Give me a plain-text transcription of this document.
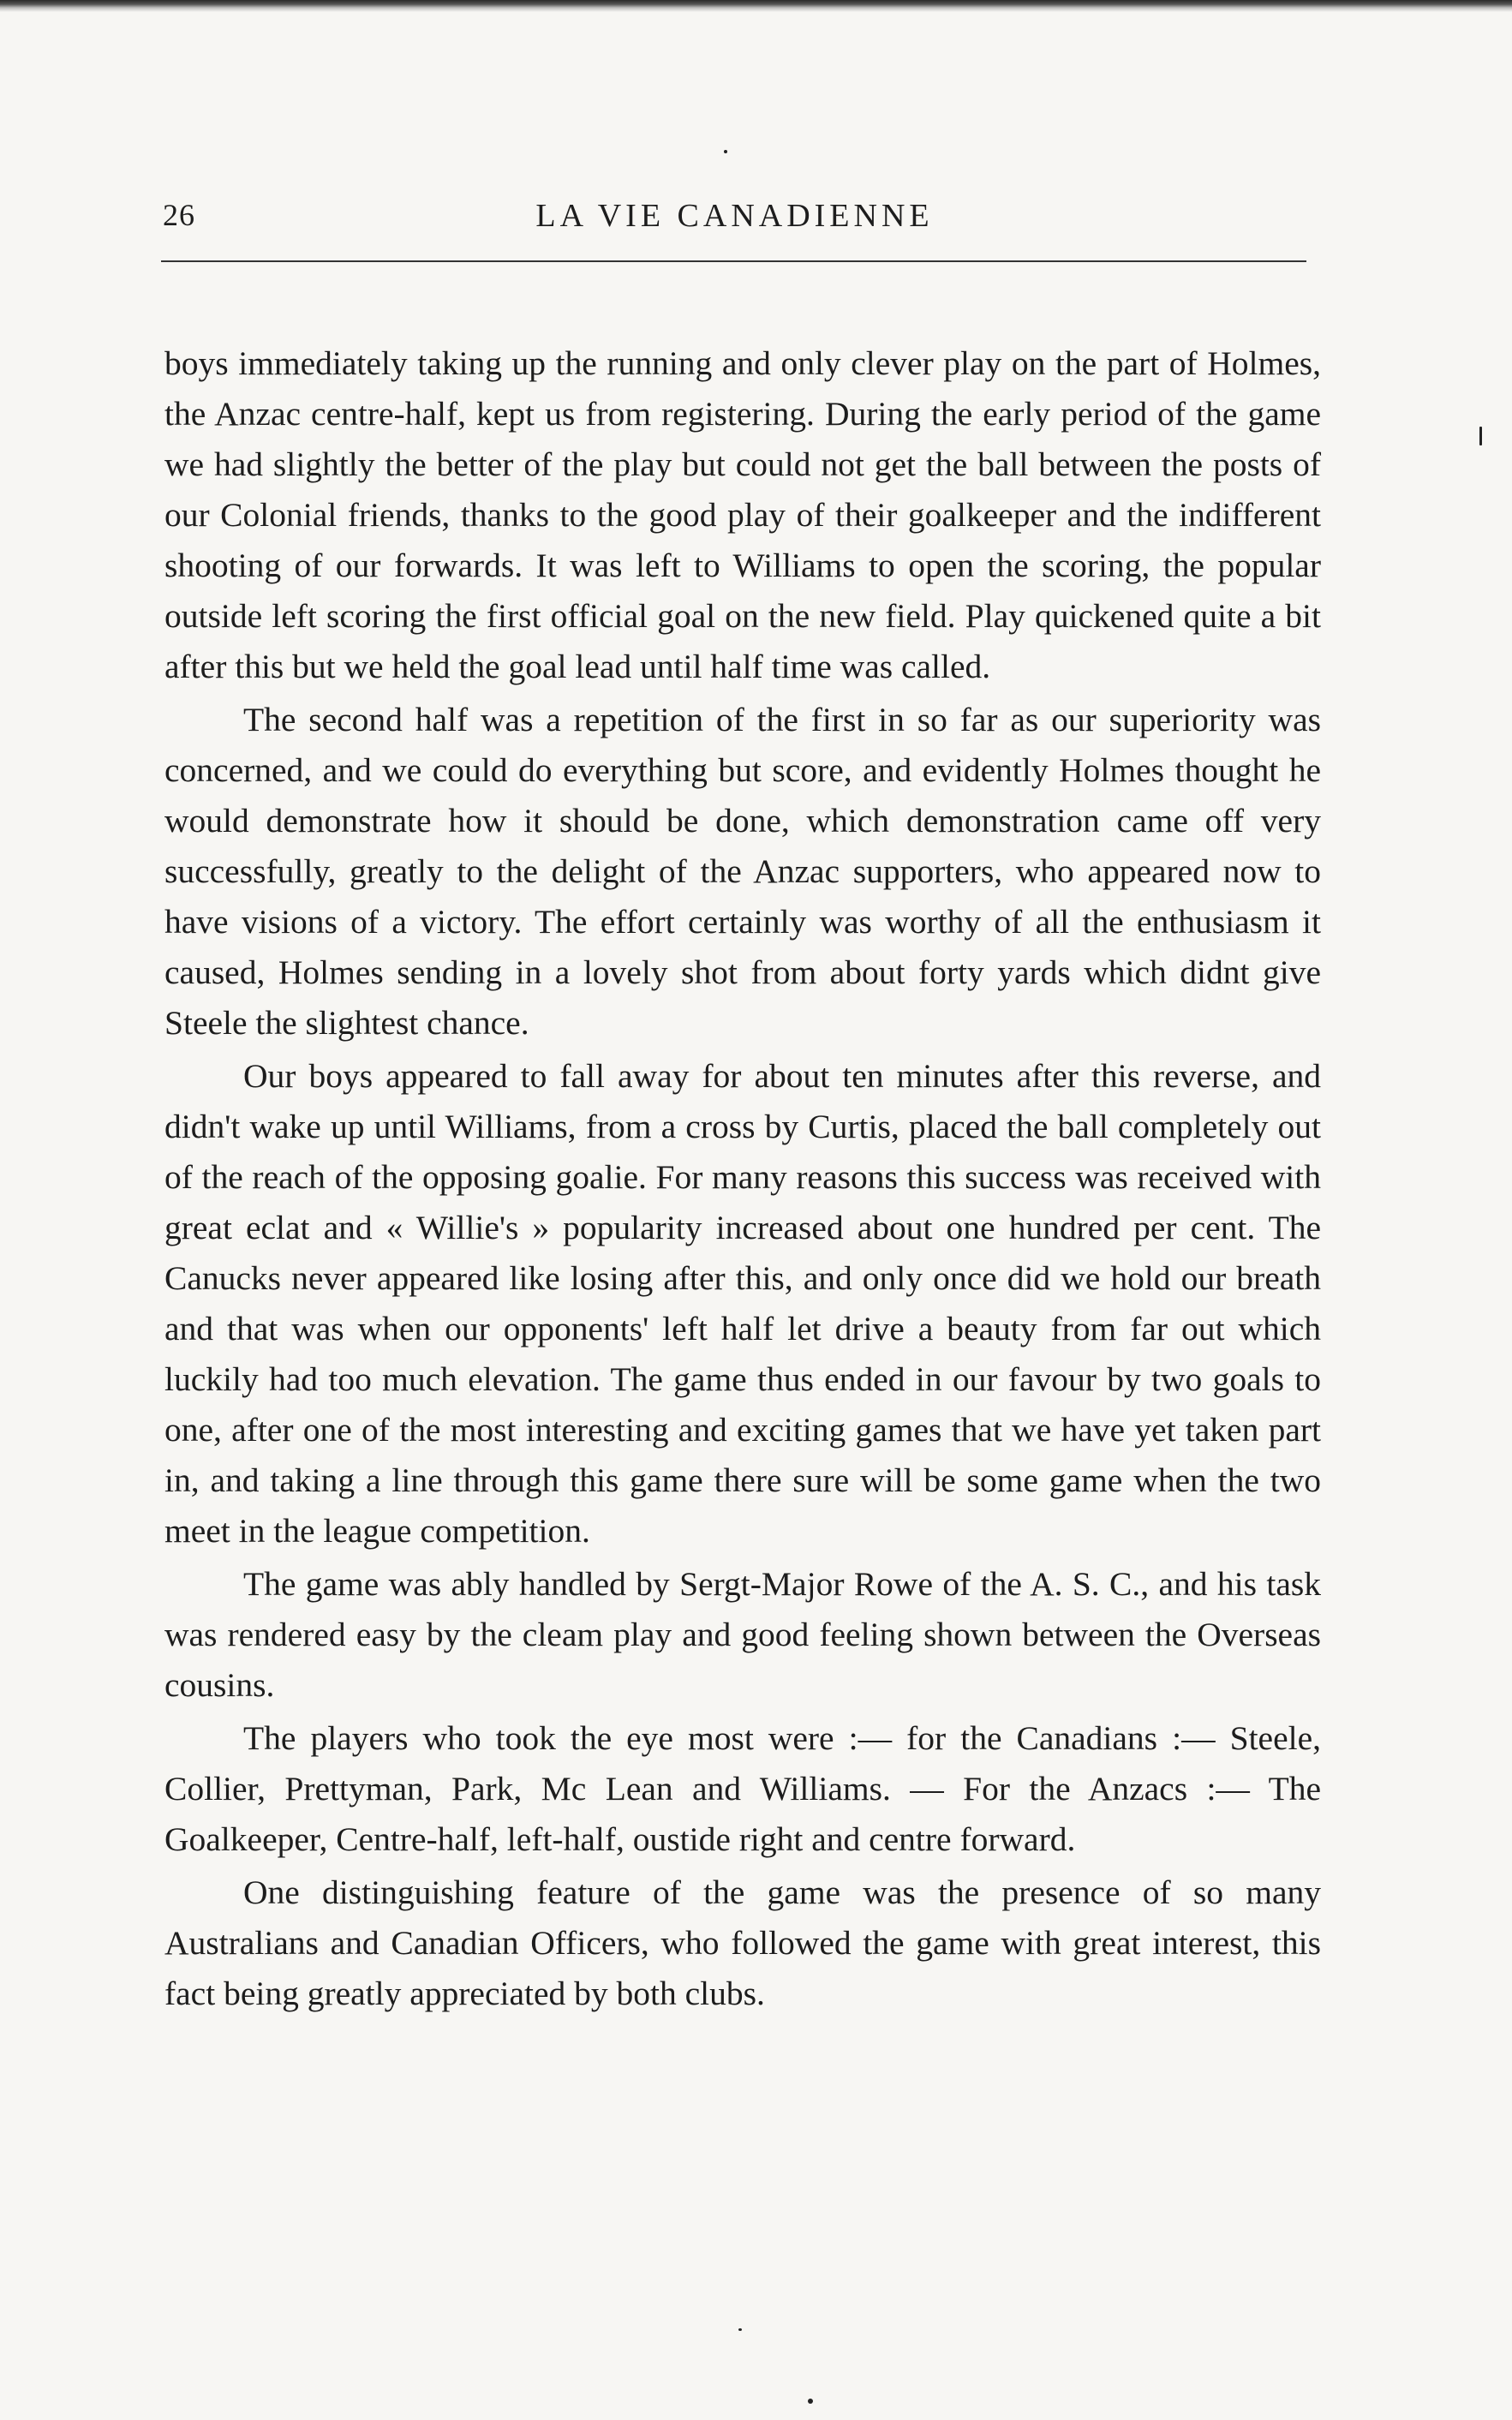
26	LA VIE CANADIENNE

boys immediately taking up the running and only clever play on the part of Holmes, the Anzac centre-half, kept us from registering. During the early period of the game we had slightly the better of the play but could not get the ball between the posts of our Colonial friends, thanks to the good play of their goalkeeper and the indifferent shooting of our forwards. It was left to Williams to open the scoring, the popular outside left scoring the first official goal on the new field. Play quickened quite a bit after this but we held the goal lead until half time was called.

The second half was a repetition of the first in so far as our superiority was concerned, and we could do everything but score, and evidently Holmes thought he would demonstrate how it should be done, which demonstration came off very successfully, greatly to the delight of the Anzac supporters, who appeared now to have visions of a victory. The effort certainly was worthy of all the enthusiasm it caused, Holmes sending in a lovely shot from about forty yards which didnt give Steele the slightest chance.

Our boys appeared to fall away for about ten minutes after this reverse, and didn't wake up until Williams, from a cross by Curtis, placed the ball completely out of the reach of the opposing goalie. For many reasons this success was received with great eclat and « Willie's » popularity increased about one hundred per cent. The Canucks never appeared like losing after this, and only once did we hold our breath and that was when our opponents' left half let drive a beauty from far out which luckily had too much elevation. The game thus ended in our favour by two goals to one, after one of the most interesting and exciting games that we have yet taken part in, and taking a line through this game there sure will be some game when the two meet in the league competition.

The game was ably handled by Sergt-Major Rowe of the A. S. C., and his task was rendered easy by the cleam play and good feeling shown between the Overseas cousins.

The players who took the eye most were :— for the Canadians :— Steele, Collier, Prettyman, Park, Mc Lean and Williams. — For the Anzacs :— The Goalkeeper, Centre-half, left-half, oustide right and centre forward.

One distinguishing feature of the game was the presence of so many Australians and Canadian Officers, who followed the game with great interest, this fact being greatly appreciated by both clubs.
